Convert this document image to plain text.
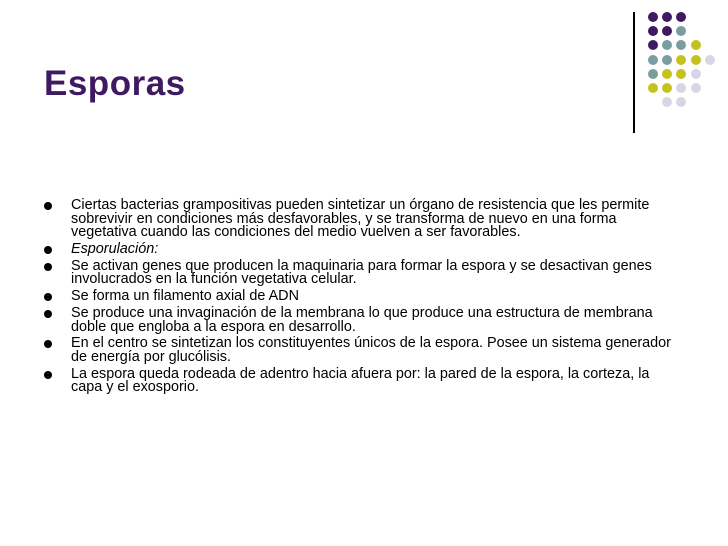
Esporas
Ciertas bacterias grampositivas pueden sintetizar un órgano de resistencia que les permite sobrevivir en condiciones más desfavorables, y se transforma de nuevo en una forma vegetativa cuando las condiciones del medio vuelven a ser favorables.
Esporulación:
Se activan genes que producen la maquinaria para formar la espora y se desactivan genes involucrados en la función vegetativa celular.
Se forma un filamento axial de ADN
Se produce una invaginación de la membrana lo que produce una estructura de membrana doble que engloba a la espora en desarrollo.
En el centro se sintetizan los constituyentes únicos de la espora. Posee un sistema generador de energía por glucólisis.
La espora queda rodeada de adentro hacia afuera por: la pared de la espora, la corteza, la capa y el exosporio.
